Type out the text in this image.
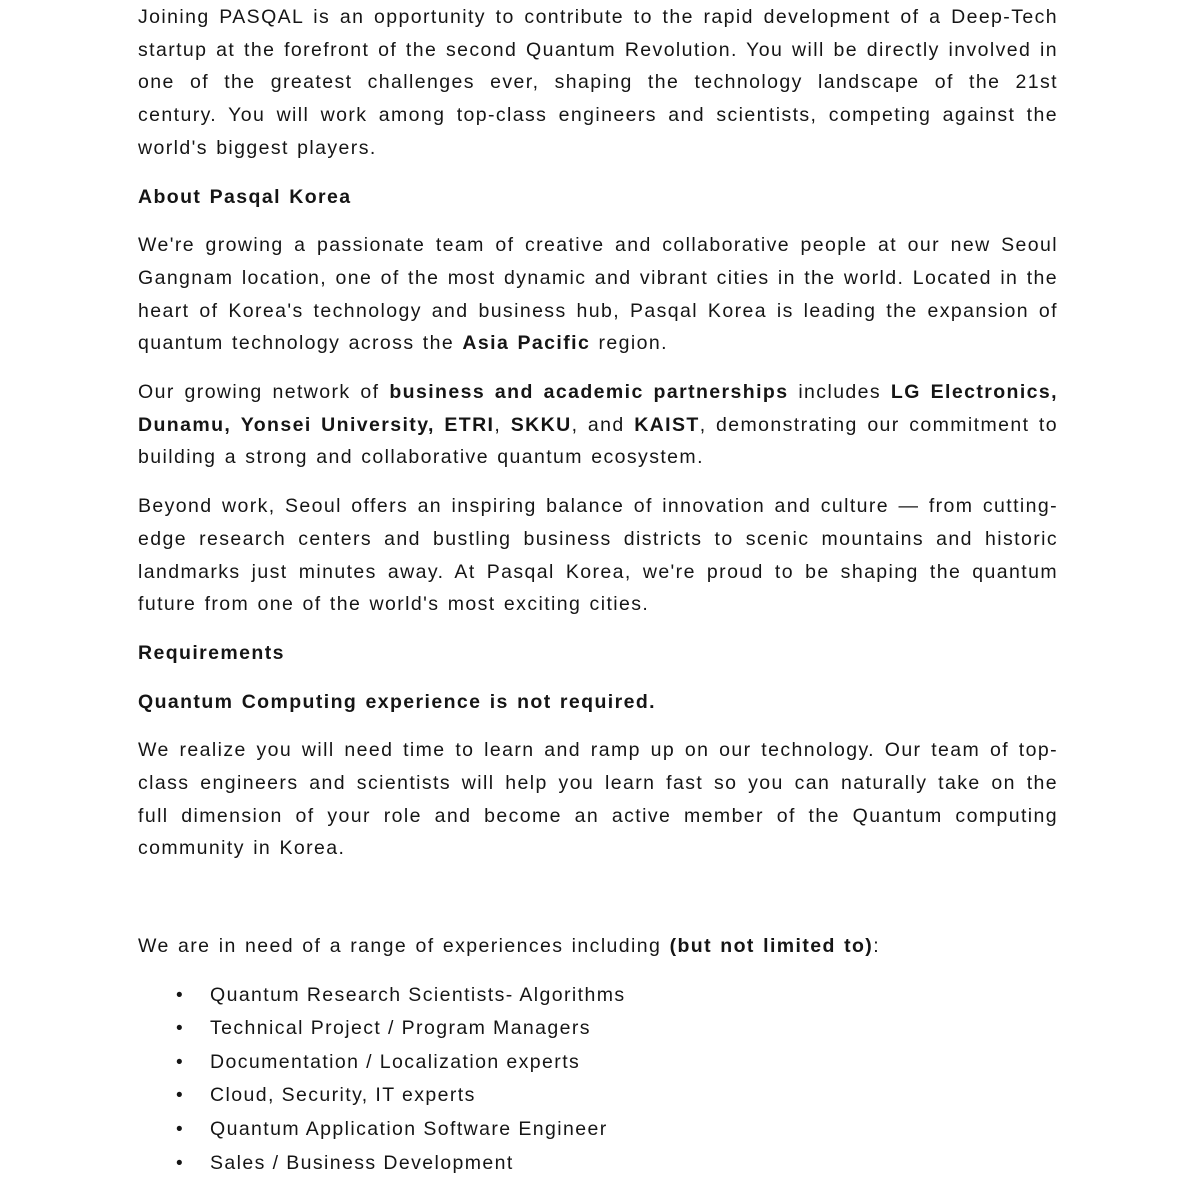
Joining PASQAL is an opportunity to contribute to the rapid development of a Deep-Tech startup at the forefront of the second Quantum Revolution. You will be directly involved in one of the greatest challenges ever, shaping the technology landscape of the 21st century. You will work among top-class engineers and scientists, competing against the world's biggest players.

About Pasqal Korea

We're growing a passionate team of creative and collaborative people at our new Seoul Gangnam location, one of the most dynamic and vibrant cities in the world. Located in the heart of Korea's technology and business hub, Pasqal Korea is leading the expansion of quantum technology across the Asia Pacific region.

Our growing network of business and academic partnerships includes LG Electronics, Dunamu, Yonsei University, ETRI, SKKU, and KAIST, demonstrating our commitment to building a strong and collaborative quantum ecosystem.

Beyond work, Seoul offers an inspiring balance of innovation and culture — from cutting-edge research centers and bustling business districts to scenic mountains and historic landmarks just minutes away. At Pasqal Korea, we're proud to be shaping the quantum future from one of the world's most exciting cities.

Requirements

Quantum Computing experience is not required.

We realize you will need time to learn and ramp up on our technology. Our team of top-class engineers and scientists will help you learn fast so you can naturally take on the full dimension of your role and become an active member of the Quantum computing community in Korea.

We are in need of a range of experiences including (but not limited to):

• Quantum Research Scientists- Algorithms
• Technical Project / Program Managers
• Documentation / Localization experts
• Cloud, Security, IT experts
• Quantum Application Software Engineer
• Sales / Business Development
